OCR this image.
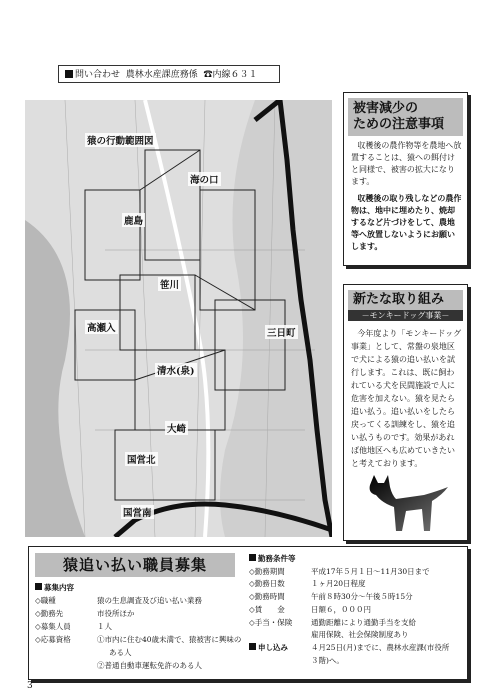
問い合わせ 農林水産課庶務係 ☎内線６３１
猿の行動範囲図
海の口
鹿島
笹川
高瀬入	三日町
清水(泉)
大崎
国営北
国営南
被害減少の
ための注意事項
収穫後の農作物等を農地へ放置することは、猿への餌付けと同様で、被害の拡大になります。
収穫後の取り残しなどの農作物は、地中に埋めたり、焼却するなど片づけをして、農地等へ放置しないようにお願いします。
新たな取り組み
－モンキードッグ事業－
今年度より「モンキードッグ事業」として、常盤の泉地区で犬による猿の追い払いを試行します。これは、既に飼われている犬を民間施設で人に危害を加えない。猿を見たら追い払う。追い払いをしたら戻ってくる訓練をし、猿を追い払うものです。効果があれば他地区へも広めていきたいと考えております。
猿追い払い職員募集
募集内容
◇職種	猿の生息調査及び追い払い業務
◇勤務先	市役所ほか
◇募集人員	１人
◇応募資格	①市内に住む40歳未満で、猿被害に興味の
ある人
②普通自動車運転免許のある人
勤務条件等
◇勤務期間	平成17年５月１日～11月30日まで
◇勤務日数	１ヶ月20日程度
◇勤務時間	午前８時30分～午後５時15分
◇賃　　金	日額６，０００円
◇手当・保険	通勤距離により通勤手当を支給
雇用保険、社会保険制度あり
申し込み	４月25日(月)までに、農林水産課(市役所
３階)へ。
3
